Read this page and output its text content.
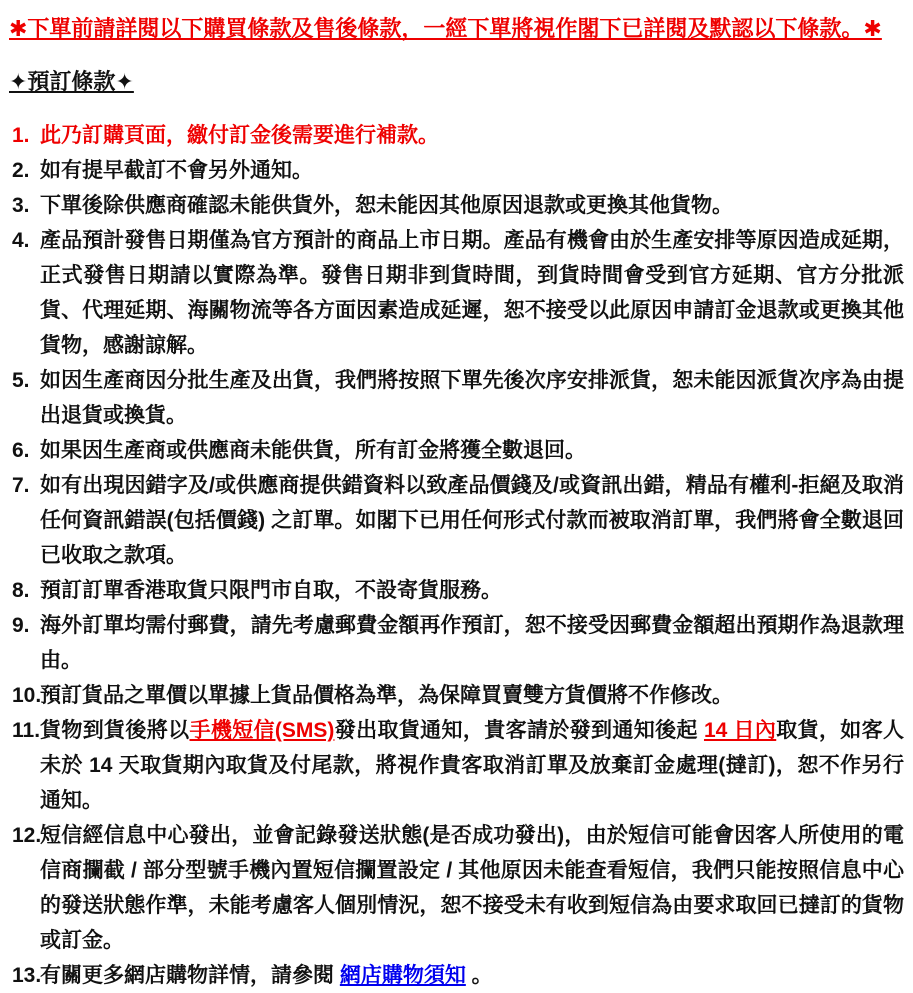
✱下單前請詳閱以下購買條款及售後條款，一經下單將視作閣下已詳閱及默認以下條款。✱
✦預訂條款✦
1. 此乃訂購頁面，繳付訂金後需要進行補款。
2. 如有提早截訂不會另外通知。
3. 下單後除供應商確認未能供貨外，恕未能因其他原因退款或更換其他貨物。
4. 產品預計發售日期僅為官方預計的商品上市日期。產品有機會由於生產安排等原因造成延期，正式發售日期請以實際為準。發售日期非到貨時間，到貨時間會受到官方延期、官方分批派貨、代理延期、海關物流等各方面因素造成延遲，恕不接受以此原因申請訂金退款或更換其他貨物，感謝諒解。
5. 如因生產商因分批生產及出貨，我們將按照下單先後次序安排派貨，恕未能因派貨次序為由提出退貨或換貨。
6. 如果因生產商或供應商未能供貨，所有訂金將獲全數退回。
7. 如有出現因錯字及/或供應商提供錯資料以致產品價錢及/或資訊出錯，精品有權利-拒絕及取消任何資訊錯誤(包括價錢) 之訂單。如閣下已用任何形式付款而被取消訂單，我們將會全數退回已收取之款項。
8. 預訂訂單香港取貨只限門市自取，不設寄貨服務。
9. 海外訂單均需付郵費，請先考慮郵費金額再作預訂，恕不接受因郵費金額超出預期作為退款理由。
10.
預訂貨品之單價以單據上貨品價格為準，為保障買賣雙方貨價將不作修改。
11. 貨物到貨後將以手機短信(SMS)發出取貨通知，貴客請於發到通知後起 14 日內取貨，如客人未於 14 天取貨期內取貨及付尾款，將視作貴客取消訂單及放棄訂金處理(撻訂)，恕不作另行通知。
12.
短信經信息中心發出，並會記錄發送狀態(是否成功發出)，由於短信可能會因客人所使用的電信商攔截 / 部分型號手機內置短信攔置設定 / 其他原因未能查看短信，我們只能按照信息中心的發送狀態作準，未能考慮客人個別情況，恕不接受未有收到短信為由要求取回已撻訂的貨物或訂金。
13.
有關更多網店購物詳情，請參閱 網店購物須知 。
